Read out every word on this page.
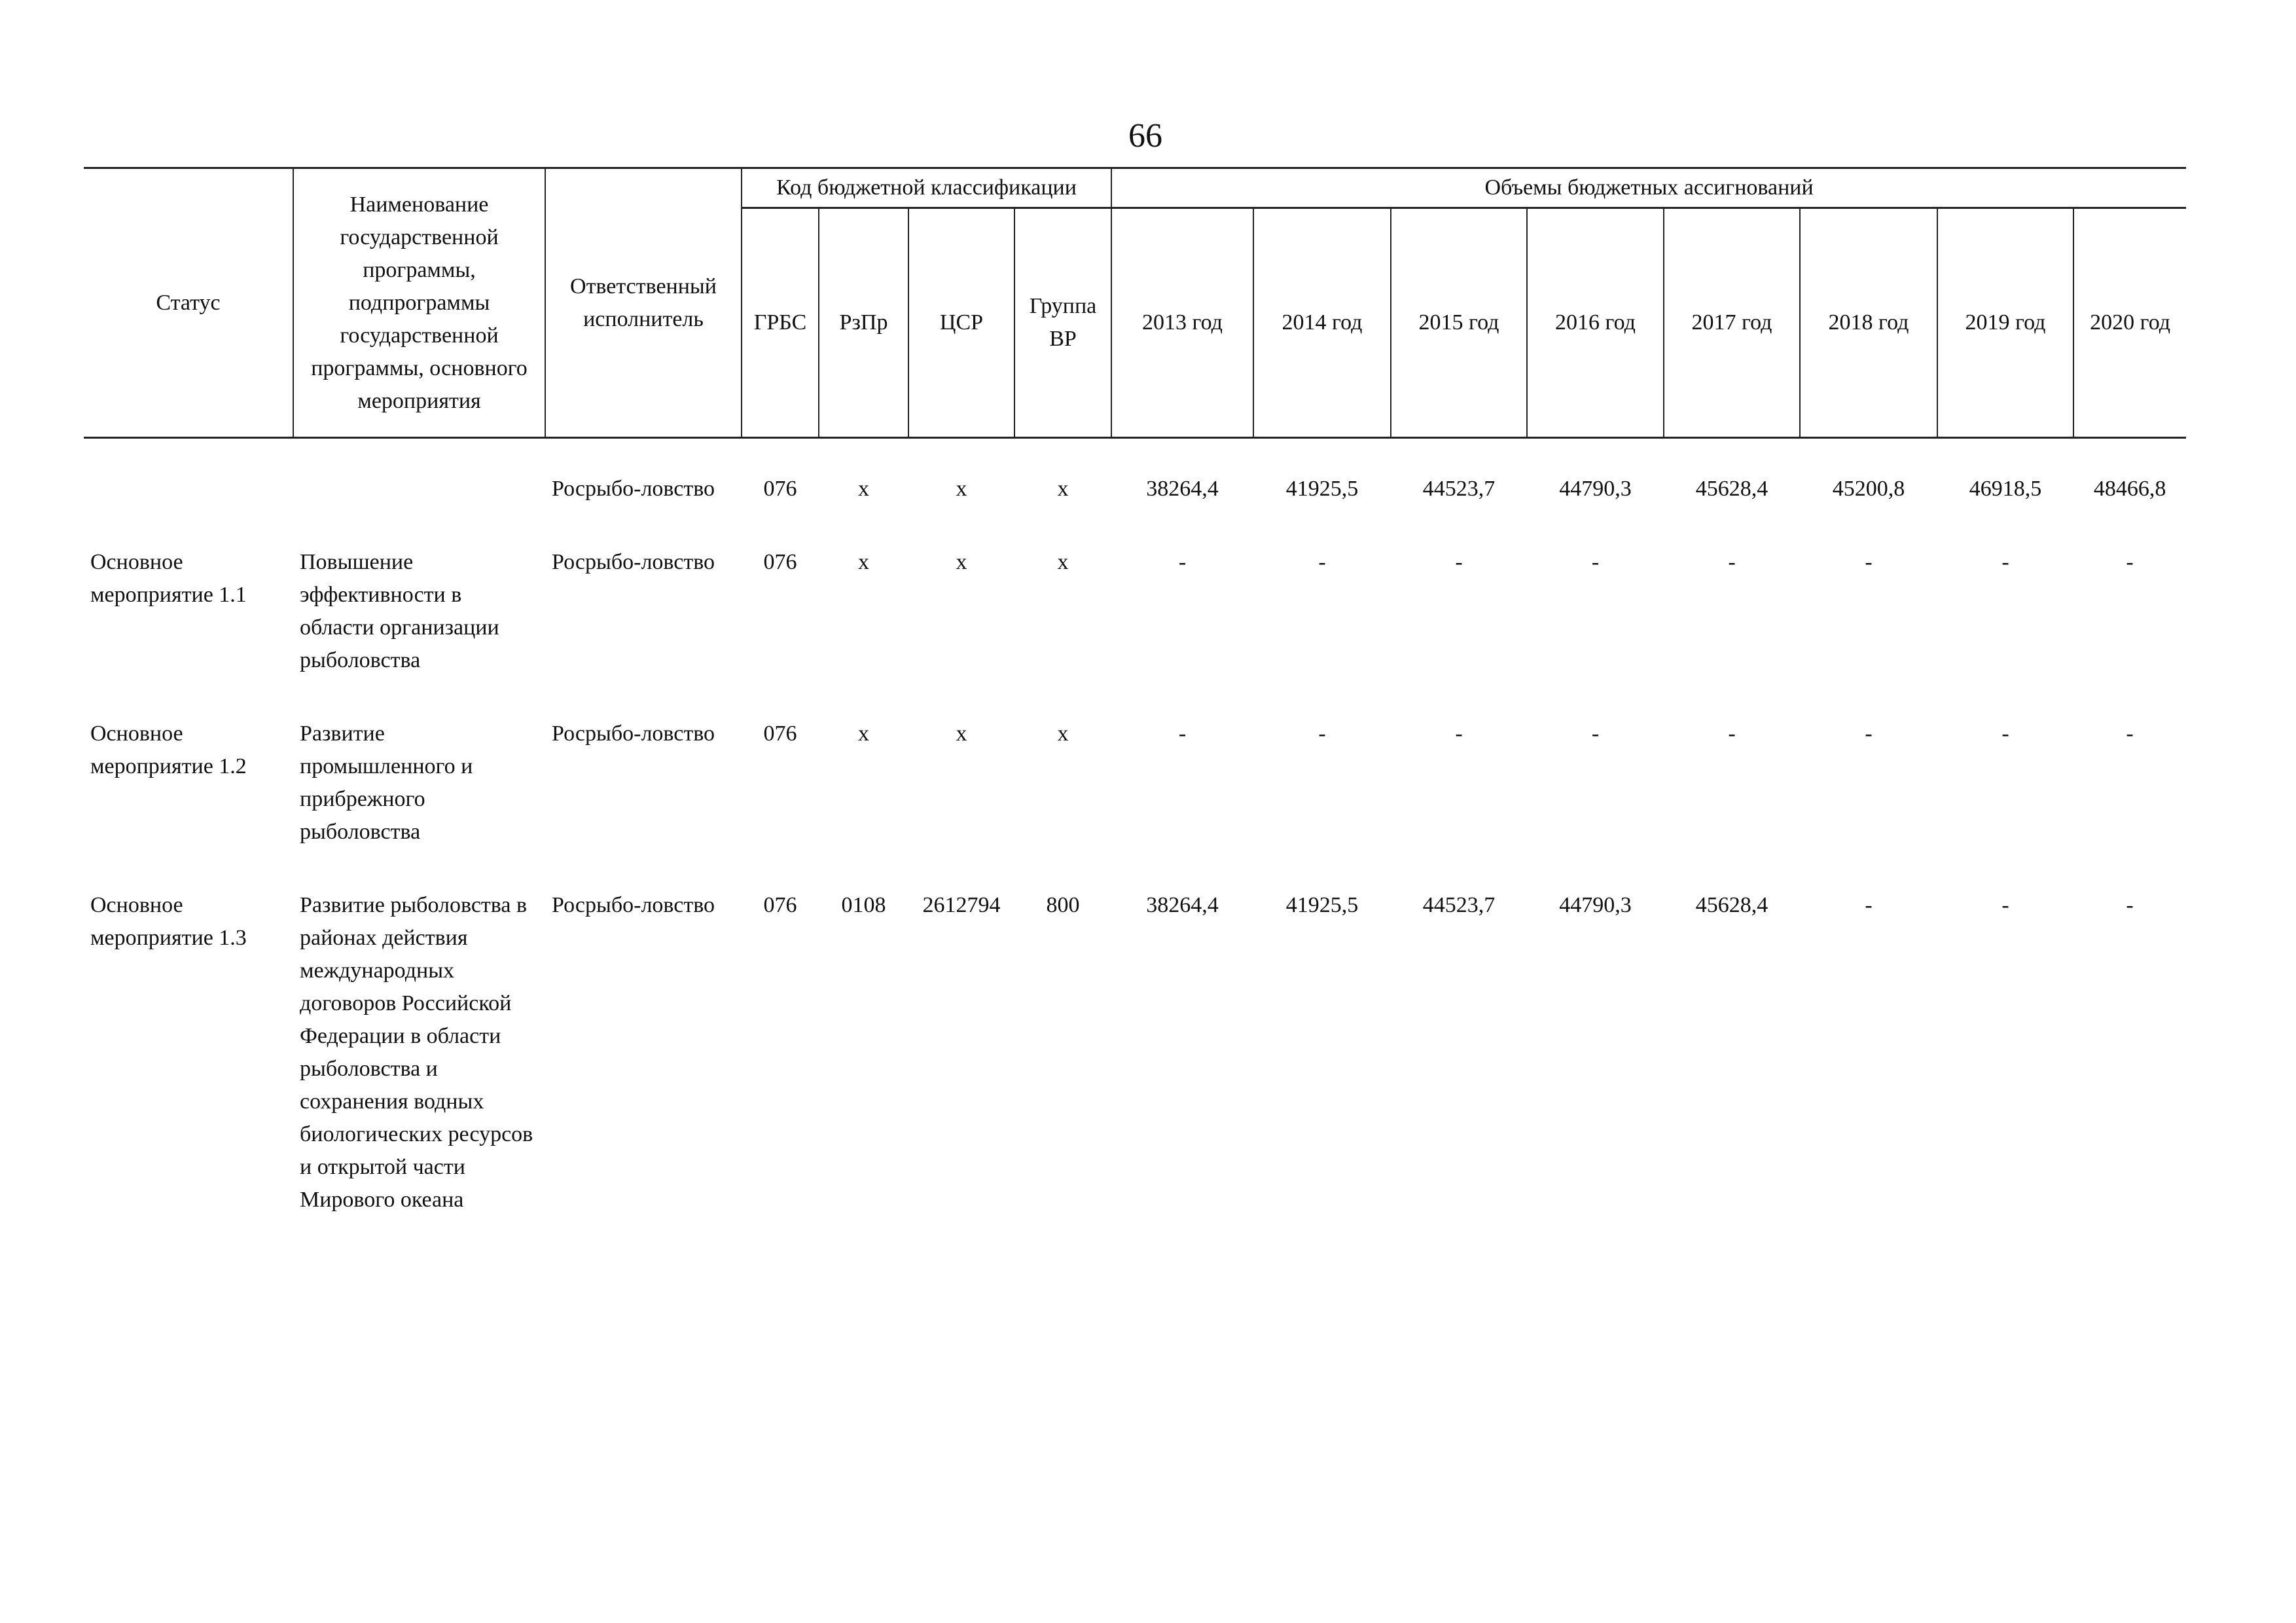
66
Статус	Наименование государственной программы, подпрограммы государственной программы, основного мероприятия	Ответственный исполнитель	Код бюджетной классификации				Объемы бюджетных ассигнований							
			ГРБС	РзПр	ЦСР	Группа ВР	2013 год	2014 год	2015 год	2016 год	2017 год	2018 год	2019 год	2020 год

		Росрыбо-ловство	076	х	х	х	38264,4	41925,5	44523,7	44790,3	45628,4	45200,8	46918,5	48466,8
Основное мероприятие 1.1	Повышение эффективности в области организации рыболовства	Росрыбо-ловство	076	х	х	х	-	-	-	-	-	-	-	-
Основное мероприятие 1.2	Развитие промышленного и прибрежного рыболовства	Росрыбо-ловство	076	х	х	х	-	-	-	-	-	-	-	-
Основное мероприятие 1.3	Развитие рыболовства в районах действия международных договоров Российской Федерации в области рыболовства и сохранения водных биологических ресурсов и открытой части Мирового океана	Росрыбо-ловство	076	0108	2612794	800	38264,4	41925,5	44523,7	44790,3	45628,4	-	-	-
